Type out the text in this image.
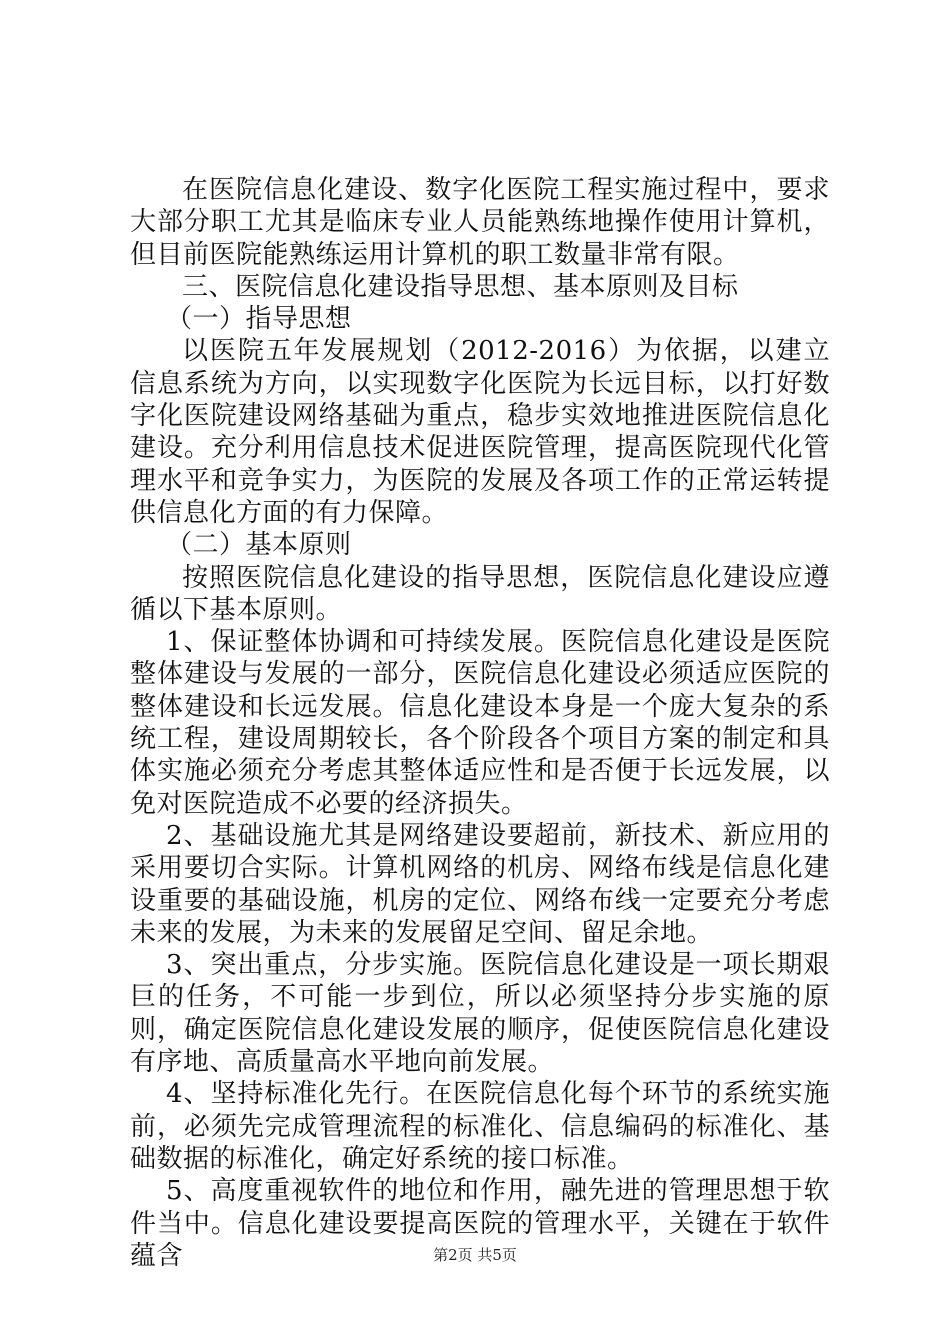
在医院信息化建设、数字化医院工程实施过程中，要求大部分职工尤其是临床专业人员能熟练地操作使用计算机，但目前医院能熟练运用计算机的职工数量非常有限。

三、医院信息化建设指导思想、基本原则及目标

（一）指导思想

以医院五年发展规划（2012-2016）为依据，以建立信息系统为方向，以实现数字化医院为长远目标，以打好数字化医院建设网络基础为重点，稳步实效地推进医院信息化建设。充分利用信息技术促进医院管理，提高医院现代化管理水平和竞争实力，为医院的发展及各项工作的正常运转提供信息化方面的有力保障。

（二）基本原则

按照医院信息化建设的指导思想，医院信息化建设应遵循以下基本原则。

1、保证整体协调和可持续发展。医院信息化建设是医院整体建设与发展的一部分，医院信息化建设必须适应医院的整体建设和长远发展。信息化建设本身是一个庞大复杂的系统工程，建设周期较长，各个阶段各个项目方案的制定和具体实施必须充分考虑其整体适应性和是否便于长远发展，以免对医院造成不必要的经济损失。

2、基础设施尤其是网络建设要超前，新技术、新应用的采用要切合实际。计算机网络的机房、网络布线是信息化建设重要的基础设施，机房的定位、网络布线一定要充分考虑未来的发展，为未来的发展留足空间、留足余地。

3、突出重点，分步实施。医院信息化建设是一项长期艰巨的任务，不可能一步到位，所以必须坚持分步实施的原则，确定医院信息化建设发展的顺序，促使医院信息化建设有序地、高质量高水平地向前发展。

4、坚持标准化先行。在医院信息化每个环节的系统实施前，必须先完成管理流程的标准化、信息编码的标准化、基础数据的标准化，确定好系统的接口标准。

5、高度重视软件的地位和作用，融先进的管理思想于软件当中。信息化建设要提高医院的管理水平，关键在于软件蕴含	第2页 共5页
